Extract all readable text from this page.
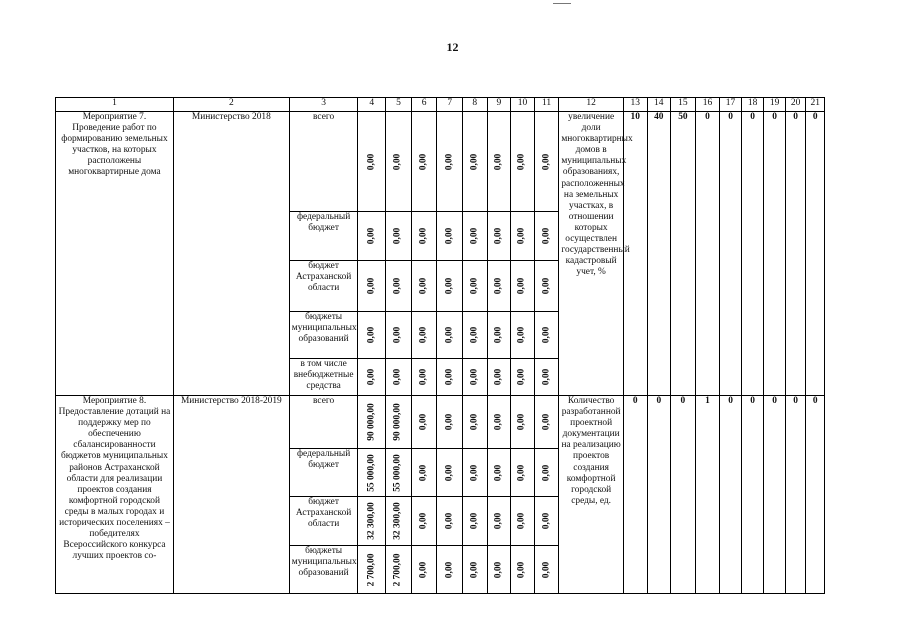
12
1	2	3	4	5	6	7	8	9	10	11	12	13	14	15	16	17	18	19	20	21
Мероприятие 7. Проведение работ по формированию земельных участков, на которых расположены многоквартирные дома	Министерство 2018	всего	0,00	0,00	0,00	0,00	0,00	0,00	0,00	0,00	увеличение доли многоквартирных домов в муниципальных образованиях, расположенных на земельных участках, в отношении которых осуществлен государственный кадастровый учет, %	10	40	50	0	0	0	0	0	0
		федеральный бюджет	0,00	0,00	0,00	0,00	0,00	0,00	0,00	0,00										

		бюджет Астраханской области	0,00	0,00	0,00	0,00	0,00	0,00	0,00	0,00										

		бюджеты муниципальных образований	0,00	0,00	0,00	0,00	0,00	0,00	0,00	0,00										

		в том числе внебюджетные средства	0,00	0,00	0,00	0,00	0,00	0,00	0,00	0,00										

Мероприятие 8. Предоставление дотаций на поддержку мер по обеспечению сбалансированности бюджетов муниципальных районов Астраханской области для реализации проектов создания комфортной городской среды в малых городах и исторических поселениях – победителях Всероссийского конкурса лучших проектов со-	Министерство 2018-2019	всего	90 000,00	90 000,00	0,00	0,00	0,00	0,00	0,00	0,00	Количество разработанной проектной документации на реализацию проектов создания комфортной городской среды, ед.	0	0	0	1	0	0	0	0	0
		федеральный бюджет	55 000,00	55 000,00	0,00	0,00	0,00	0,00	0,00	0,00										

		бюджет Астраханской области	32 300,00	32 300,00	0,00	0,00	0,00	0,00	0,00	0,00										

		бюджеты муниципальных образований	2 700,00	2 700,00	0,00	0,00	0,00	0,00	0,00	0,00										
